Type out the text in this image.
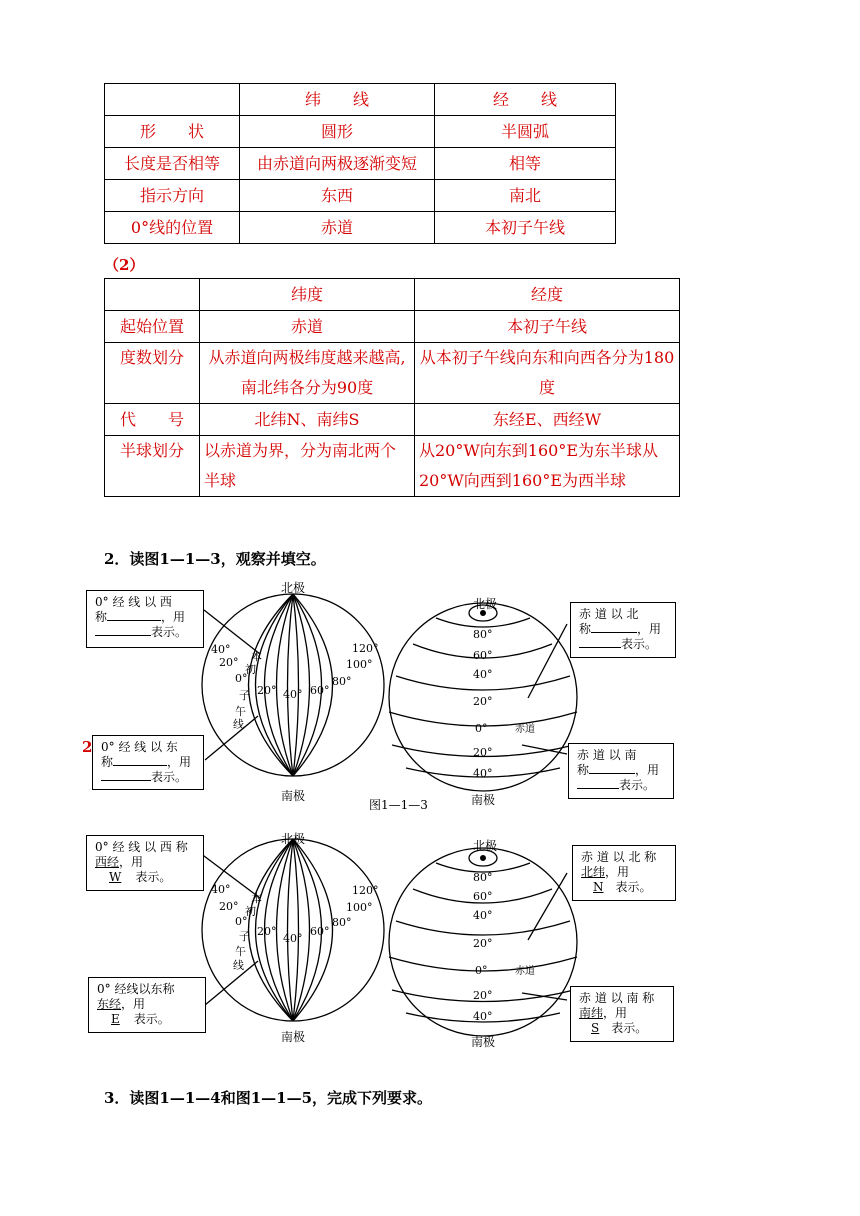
	纬　　线	经　　线
形　　状	圆形	半圆弧
长度是否相等	由赤道向两极逐渐变短	相等
指示方向	东西	南北
0°线的位置	赤道	本初子午线
（2）
	纬度	经度
起始位置	赤道	本初子午线
度数划分	从赤道向两极纬度越来越高,南北纬各分为90度	从本初子午线向东和向西各分为180度
代　　号	北纬N、南纬S	东经E、西经W
半球划分	以赤道为界，分为南北两个半球	从20°W向东到160°E为东半球从20°W向西到160°E为西半球
2．读图1—1—3，观察并填空。
北极
南极
本
初
子
午
线
40°
20°
0°
20° 40° 60°
80°
100°
120°
北极
南极
80°
60°
40°
20°
0°	赤道
20°
40°
图1—1—3
北极
南极
本
初
子
午
线
40°
20°
0°
20°
40°
60°
80°
100°
120°
北极
南极
80°
60°
40°
20°
0°	赤道
20°
40°
0° 经 线 以 西
称	，用
表示。
0° 经 线 以 东
称	，用
表示。
2
赤 道 以 北
称	，用
表示。
赤 道 以 南
称	，用
表示。
0° 经 线 以 西 称
西经，用
W 表示。
0° 经线以东称
东经，用
E 表示。
赤 道 以 北 称
北纬，用
N 表示。
赤 道 以 南 称
南纬，用
S 表示。
3．读图1—1—4和图1—1—5，完成下列要求。
